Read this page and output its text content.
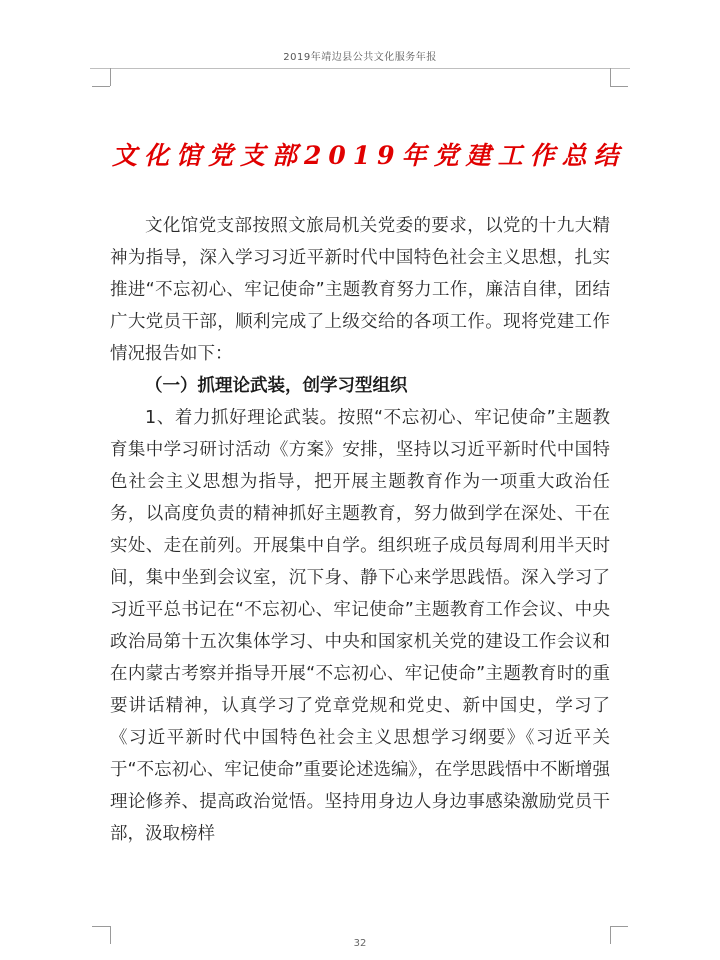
2019年靖边县公共文化服务年报
文化馆党支部2019年党建工作总结

文化馆党支部按照文旅局机关党委的要求，以党的十九大精神为指导，深入学习习近平新时代中国特色社会主义思想，扎实推进“不忘初心、牢记使命”主题教育努力工作，廉洁自律，团结广大党员干部，顺利完成了上级交给的各项工作。现将党建工作情况报告如下：

（一）抓理论武装，创学习型组织

1、着力抓好理论武装。按照“不忘初心、牢记使命”主题教育集中学习研讨活动《方案》安排，坚持以习近平新时代中国特色社会主义思想为指导，把开展主题教育作为一项重大政治任务，以高度负责的精神抓好主题教育，努力做到学在深处、干在实处、走在前列。开展集中自学。组织班子成员每周利用半天时间，集中坐到会议室，沉下身、静下心来学思践悟。深入学习了习近平总书记在“不忘初心、牢记使命”主题教育工作会议、中央政治局第十五次集体学习、中央和国家机关党的建设工作会议和在内蒙古考察并指导开展“不忘初心、牢记使命”主题教育时的重要讲话精神，认真学习了党章党规和党史、新中国史，学习了《习近平新时代中国特色社会主义思想学习纲要》《习近平关于“不忘初心、牢记使命”重要论述选编》，在学思践悟中不断增强理论修养、提高政治觉悟。坚持用身边人身边事感染激励党员干部，汲取榜样

32
